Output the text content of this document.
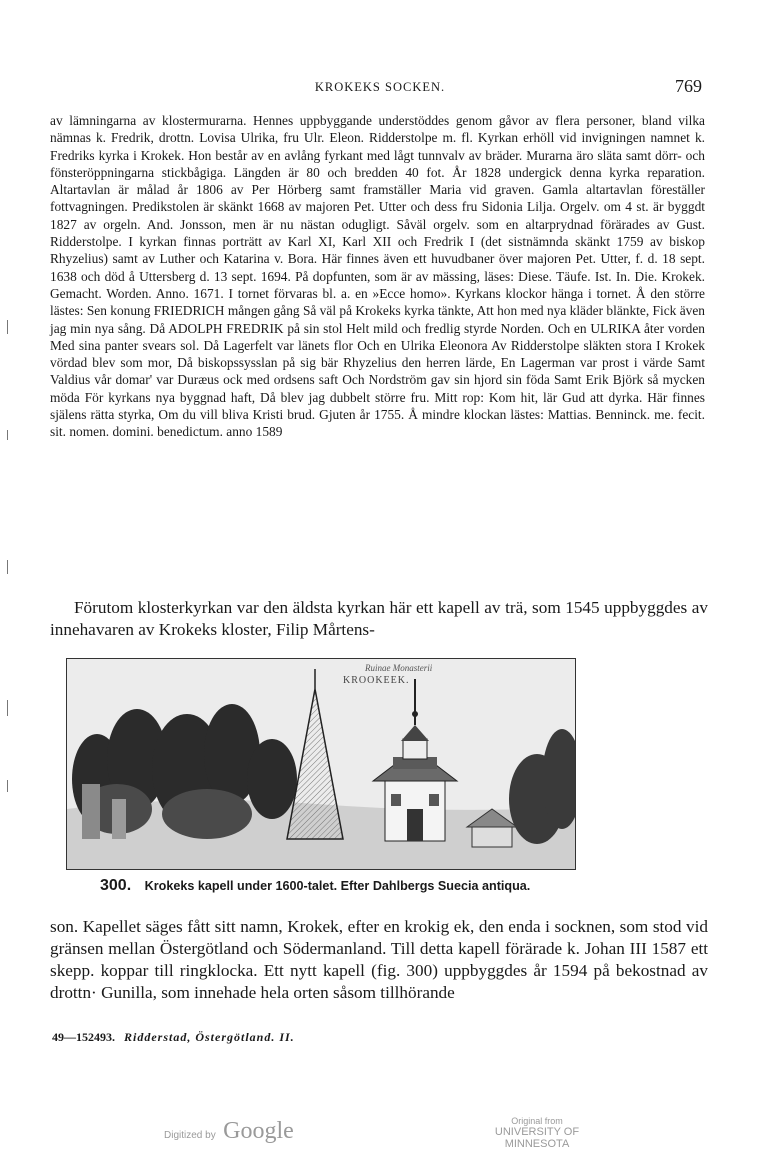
KROKEKS SOCKEN.	769

av lämningarna av klostermurarna. Hennes uppbyggande understöddes genom gåvor av flera personer, bland vilka nämnas k. Fredrik, drottn. Lovisa Ulrika, fru Ulr. Eleon. Ridderstolpe m. fl. Kyrkan erhöll vid invigningen namnet k. Fredriks kyrka i Krokek. Hon består av en avlång fyrkant med lågt tunnvalv av bräder. Murarna äro släta samt dörr- och fönsteröppningarna stickbågiga. Längden är 80 och bredden 40 fot. År 1828 undergick denna kyrka reparation. Altartavlan är målad år 1806 av Per Hörberg samt framställer Maria vid graven. Gamla altartavlan föreställer fottvagningen. Predikstolen är skänkt 1668 av majoren Pet. Utter och dess fru Sidonia Lilja. Orgelv. om 4 st. är byggdt 1827 av orgeln. And. Jonsson, men är nu nästan odugligt. Såväl orgelv. som en altarprydnad förärades av Gust. Ridderstolpe. I kyrkan finnas porträtt av Karl XI, Karl XII och Fredrik I (det sistnämnda skänkt 1759 av biskop Rhyzelius) samt av Luther och Katarina v. Bora. Här finnes även ett huvudbaner över majoren Pet. Utter, f. d. 18 sept. 1638 och död å Uttersberg d. 13 sept. 1694. På dopfunten, som är av mässing, läses: Diese. Täufe. Ist. In. Die. Krokek. Gemacht. Worden. Anno. 1671. I tornet förvaras bl. a. en »Ecce homo». Kyrkans klockor hänga i tornet. Å den större lästes: Sen konung FRIEDRICH mången gång Så väl på Krokeks kyrka tänkte, Att hon med nya kläder blänkte, Fick även jag min nya sång. Då ADOLPH FREDRIK på sin stol Helt mild och fredlig styrde Norden. Och en ULRIKA åter vorden Med sina panter svears sol. Då Lagerfelt var länets flor Och en Ulrika Eleonora Av Ridderstolpe släkten stora I Krokek vördad blev som mor, Då biskopssysslan på sig bär Rhyzelius den herren lärde, En Lagerman var prost i värde Samt Valdius vår domar' var Duræus ock med ordsens saft Och Nordström gav sin hjord sin föda Samt Erik Björk så mycken möda För kyrkans nya byggnad haft, Då blev jag dubbelt större fru. Mitt rop: Kom hit, lär Gud att dyrka. Här finnes själens rätta styrka, Om du vill bliva Kristi brud. Gjuten år 1755. Å mindre klockan lästes: Mattias. Benninck. me. fecit. sit. nomen. domini. benedictum. anno 1589

Förutom klosterkyrkan var den äldsta kyrkan här ett kapell av trä, som 1545 uppbyggdes av innehavaren av Krokeks kloster, Filip Mårtens-

Ruinae Monasterii
KROOKEEK.
300. Krokeks kapell under 1600-talet. Efter Dahlbergs Suecia antiqua.

son. Kapellet säges fått sitt namn, Krokek, efter en krokig ek, den enda i socknen, som stod vid gränsen mellan Östergötland och Södermanland. Till detta kapell förärade k. Johan III 1587 ett skepp. koppar till ringklocka. Ett nytt kapell (fig. 300) uppbyggdes år 1594 på bekostnad av drottn· Gunilla, som innehade hela orten såsom tillhörande

49—152493. Ridderstad, Östergötland. II.
Digitized by Google	Original from
UNIVERSITY OF MINNESOTA
